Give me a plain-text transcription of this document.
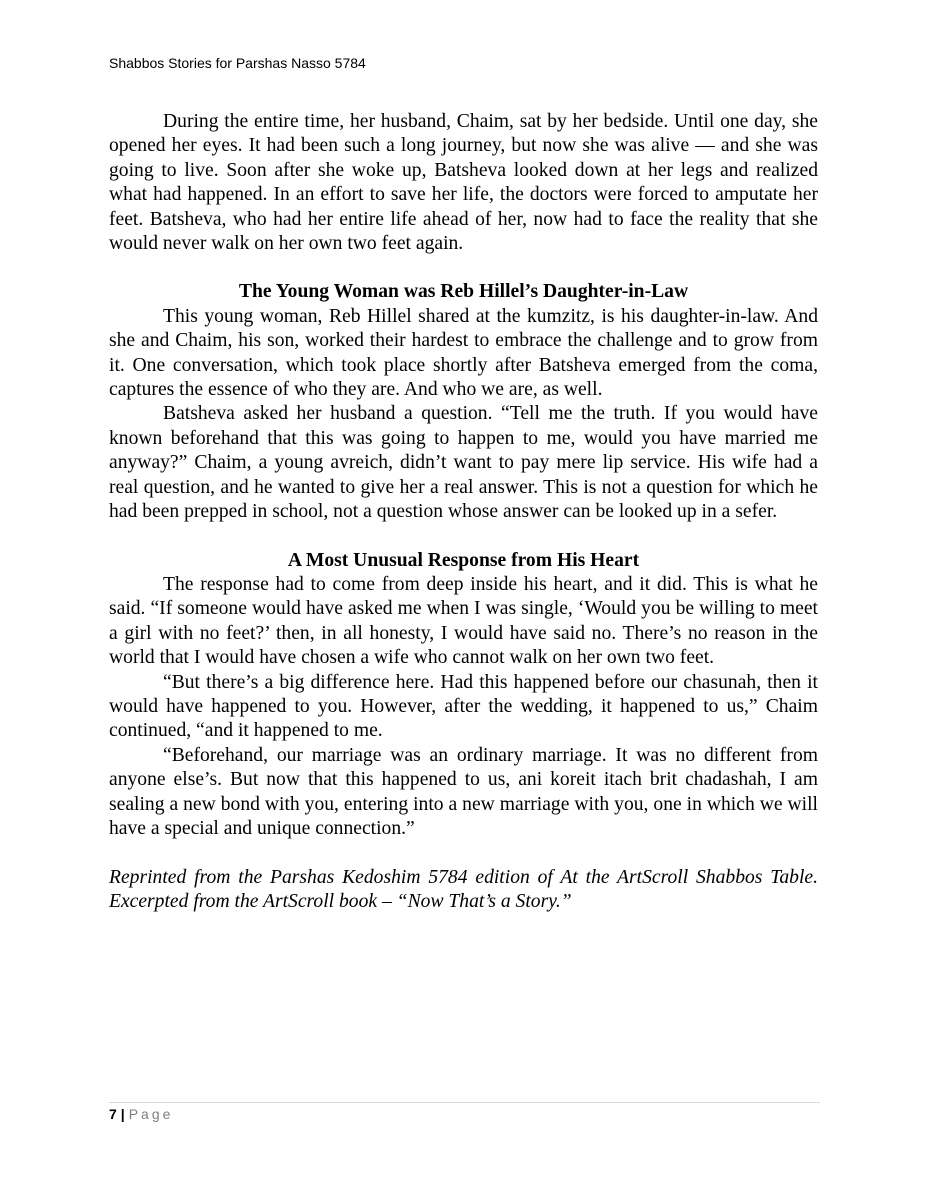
Shabbos Stories for Parshas Nasso 5784

During the entire time, her husband, Chaim, sat by her bedside. Until one day, she opened her eyes. It had been such a long journey, but now she was alive — and she was going to live. Soon after she woke up, Batsheva looked down at her legs and realized what had happened. In an effort to save her life, the doctors were forced to amputate her feet. Batsheva, who had her entire life ahead of her, now had to face the reality that she would never walk on her own two feet again.

The Young Woman was Reb Hillel’s Daughter-in-Law

This young woman, Reb Hillel shared at the kumzitz, is his daughter-in-law. And she and Chaim, his son, worked their hardest to embrace the challenge and to grow from it. One conversation, which took place shortly after Batsheva emerged from the coma, captures the essence of who they are. And who we are, as well.

Batsheva asked her husband a question. “Tell me the truth. If you would have known beforehand that this was going to happen to me, would you have married me anyway?” Chaim, a young avreich, didn’t want to pay mere lip service. His wife had a real question, and he wanted to give her a real answer. This is not a question for which he had been prepped in school, not a question whose answer can be looked up in a sefer.

A Most Unusual Response from His Heart

The response had to come from deep inside his heart, and it did. This is what he said. “If someone would have asked me when I was single, ‘Would you be willing to meet a girl with no feet?’ then, in all honesty, I would have said no. There’s no reason in the world that I would have chosen a wife who cannot walk on her own two feet.

“But there’s a big difference here. Had this happened before our chasunah, then it would have happened to you. However, after the wedding, it happened to us,” Chaim continued, “and it happened to me.

“Beforehand, our marriage was an ordinary marriage. It was no different from anyone else’s. But now that this happened to us, ani koreit itach brit chadashah, I am sealing a new bond with you, entering into a new marriage with you, one in which we will have a special and unique connection.”

Reprinted from the Parshas Kedoshim 5784 edition of At the ArtScroll Shabbos Table. Excerpted from the ArtScroll book – “Now That’s a Story.”

7 | Page
